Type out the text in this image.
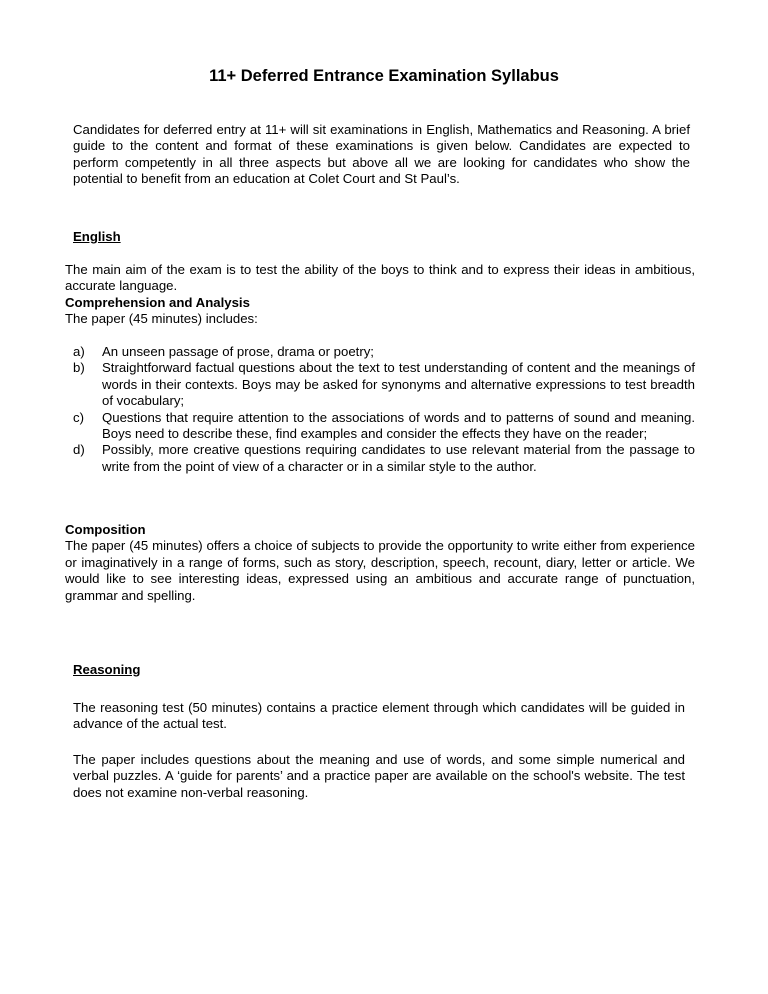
11+ Deferred Entrance Examination Syllabus
Candidates for deferred entry at 11+ will sit examinations in English, Mathematics and Reasoning. A brief guide to the content and format of these examinations is given below. Candidates are expected to perform competently in all three aspects but above all we are looking for candidates who show the potential to benefit from an education at Colet Court and St Paul’s.
English
The main aim of the exam is to test the ability of the boys to think and to express their ideas in ambitious, accurate language.
Comprehension and Analysis
The paper (45 minutes) includes:
a) An unseen passage of prose, drama or poetry;
b) Straightforward factual questions about the text to test understanding of content and the meanings of words in their contexts. Boys may be asked for synonyms and alternative expressions to test breadth of vocabulary;
c) Questions that require attention to the associations of words and to patterns of sound and meaning. Boys need to describe these, find examples and consider the effects they have on the reader;
d) Possibly, more creative questions requiring candidates to use relevant material from the passage to write from the point of view of a character or in a similar style to the author.
Composition
The paper (45 minutes) offers a choice of subjects to provide the opportunity to write either from experience or imaginatively in a range of forms, such as story, description, speech, recount, diary, letter or article. We would like to see interesting ideas, expressed using an ambitious and accurate range of punctuation, grammar and spelling.
Reasoning
The reasoning test (50 minutes) contains a practice element through which candidates will be guided in advance of the actual test.
The paper includes questions about the meaning and use of words, and some simple numerical and verbal puzzles. A ‘guide for parents’ and a practice paper are available on the school's website. The test does not examine non-verbal reasoning.
